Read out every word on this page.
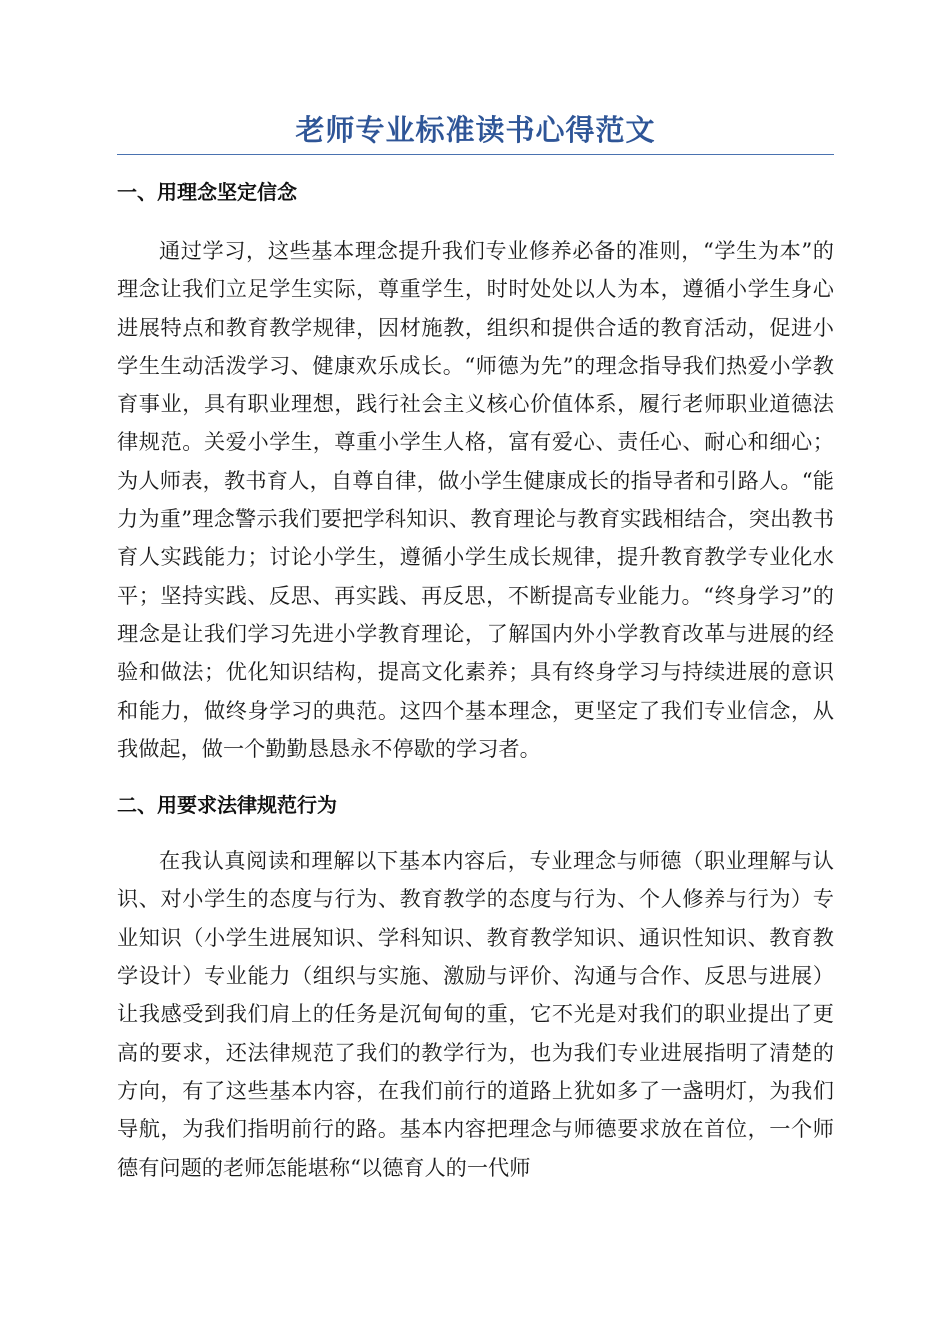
老师专业标准读书心得范文
一、用理念坚定信念

通过学习，这些基本理念提升我们专业修养必备的准则，“学生为本”的理念让我们立足学生实际，尊重学生，时时处处以人为本，遵循小学生身心进展特点和教育教学规律，因材施教，组织和提供合适的教育活动，促进小学生生动活泼学习、健康欢乐成长。“师德为先”的理念指导我们热爱小学教育事业，具有职业理想，践行社会主义核心价值体系，履行老师职业道德法律规范。关爱小学生，尊重小学生人格，富有爱心、责任心、耐心和细心；为人师表，教书育人，自尊自律，做小学生健康成长的指导者和引路人。“能力为重”理念警示我们要把学科知识、教育理论与教育实践相结合，突出教书育人实践能力；讨论小学生，遵循小学生成长规律，提升教育教学专业化水平；坚持实践、反思、再实践、再反思，不断提高专业能力。“终身学习”的理念是让我们学习先进小学教育理论，了解国内外小学教育改革与进展的经验和做法；优化知识结构，提高文化素养；具有终身学习与持续进展的意识和能力，做终身学习的典范。这四个基本理念，更坚定了我们专业信念，从我做起，做一个勤勤恳恳永不停歇的学习者。

二、用要求法律规范行为

在我认真阅读和理解以下基本内容后，专业理念与师德（职业理解与认识、对小学生的态度与行为、教育教学的态度与行为、个人修养与行为）专业知识（小学生进展知识、学科知识、教育教学知识、通识性知识、教育教学设计）专业能力（组织与实施、激励与评价、沟通与合作、反思与进展）让我感受到我们肩上的任务是沉甸甸的重，它不光是对我们的职业提出了更高的要求，还法律规范了我们的教学行为，也为我们专业进展指明了清楚的方向，有了这些基本内容，在我们前行的道路上犹如多了一盏明灯，为我们导航，为我们指明前行的路。基本内容把理念与师德要求放在首位，一个师德有问题的老师怎能堪称“以德育人的一代师
